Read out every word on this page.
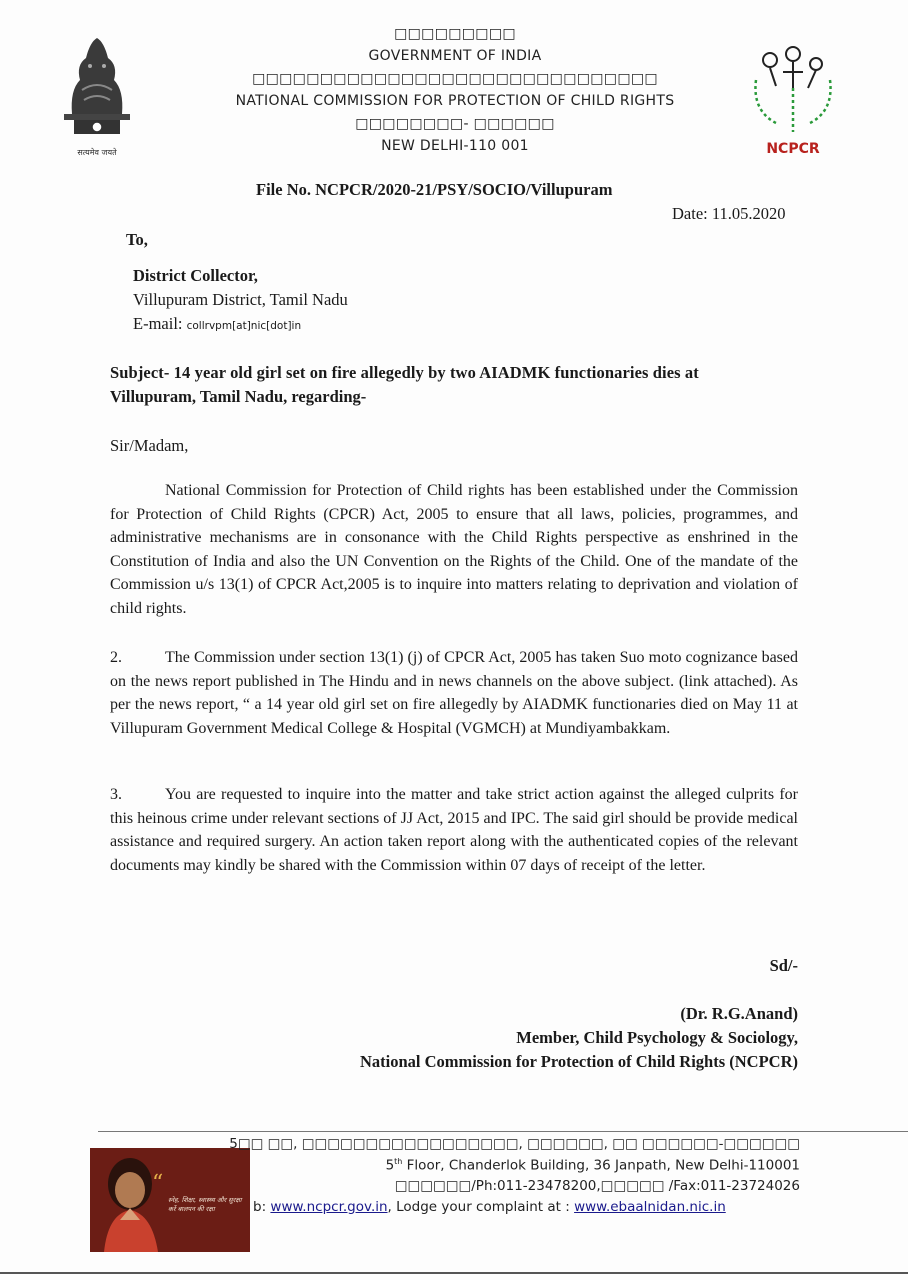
सत्यमेव जयते
□□□□□□□□□
GOVERNMENT OF INDIA
□□□□□□□□□□□□□□□□□□□□□□□□□□□□□□
NATIONAL COMMISSION FOR PROTECTION OF CHILD RIGHTS
□□□□□□□□- □□□□□□
NEW DELHI-110 001	NCPCR
File No. NCPCR/2020-21/PSY/SOCIO/Villupuram
Date: 11.05.2020
To,
District Collector,
Villupuram District, Tamil Nadu
E-mail: collrvpm[at]nic[dot]in
Subject- 14 year old girl set on fire allegedly by two AIADMK functionaries dies at
Villupuram, Tamil Nadu, regarding-
Sir/Madam,

National Commission for Protection of Child rights has been established under the Commission for Protection of Child Rights (CPCR) Act, 2005 to ensure that all laws, policies, programmes, and administrative mechanisms are in consonance with the Child Rights perspective as enshrined in the Constitution of India and also the UN Convention on the Rights of the Child. One of the mandate of the Commission u/s 13(1) of CPCR Act,2005 is to inquire into matters relating to deprivation and violation of child rights.

2.	The Commission under section 13(1) (j) of CPCR Act, 2005 has taken Suo moto cognizance based on the news report published in The Hindu and in news channels on the above subject. (link attached). As per the news report, “ a 14 year old girl set on fire allegedly by AIADMK functionaries died on May 11 at Villupuram Government Medical College & Hospital (VGMCH) at Mundiyambakkam.

3.	You are requested to inquire into the matter and take strict action against the alleged culprits for this heinous crime under relevant sections of JJ Act, 2015 and IPC. The said girl should be provide medical assistance and required surgery. An action taken report along with the authenticated copies of the relevant documents may kindly be shared with the Commission within 07 days of receipt of the letter.

Sd/-
(Dr. R.G.Anand)
Member, Child Psychology & Sociology,
National Commission for Protection of Child Rights (NCPCR)
“
स्नेह, शिक्षा, स्वास्थ्य और सुरक्षा करें बालपन की रक्षा
5□□ □□, □□□□□□□□□□□□□□□□□, □□□□□□, □□ □□□□□□-□□□□□□
5th Floor, Chanderlok Building, 36 Janpath, New Delhi-110001
□□□□□□/Ph:011-23478200,□□□□□ /Fax:011-23724026
b: www.ncpcr.gov.in, Lodge your complaint at : www.ebaalnidan.nic.in
